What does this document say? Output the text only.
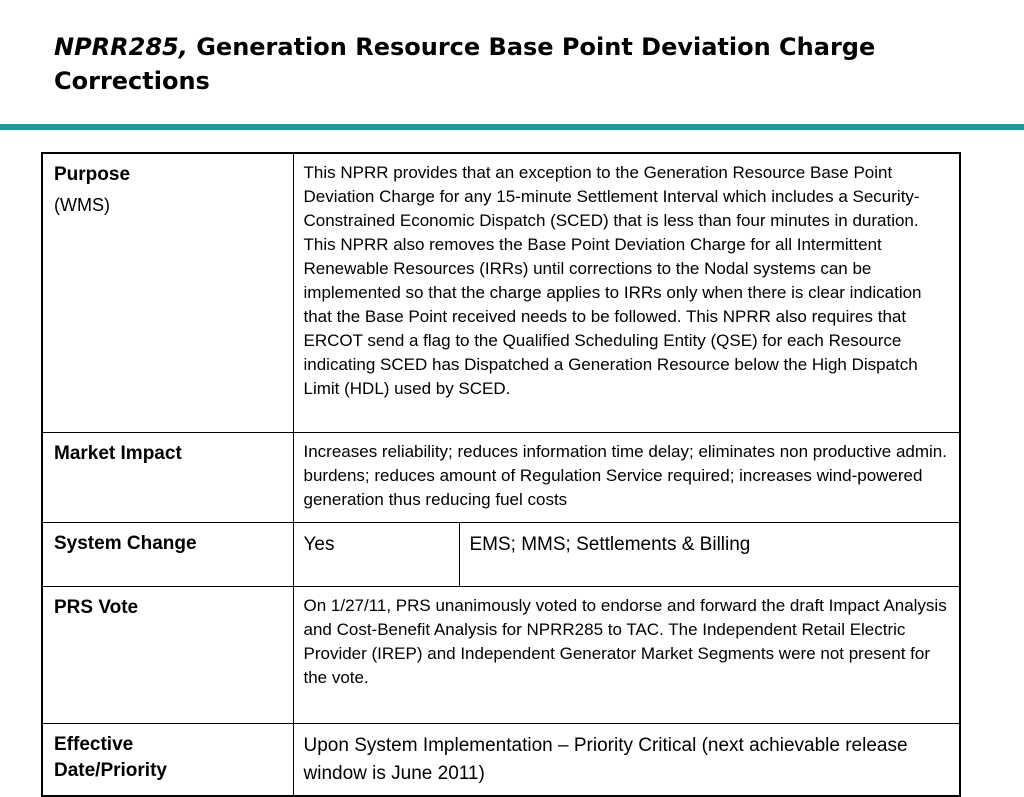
NPRR285, Generation Resource Base Point Deviation Charge Corrections
Purpose
(WMS)	This NPRR provides that an exception to the Generation Resource Base Point Deviation Charge for any 15-minute Settlement Interval which includes a Security-Constrained Economic Dispatch (SCED) that is less than four minutes in duration. This NPRR also removes the Base Point Deviation Charge for all Intermittent Renewable Resources (IRRs) until corrections to the Nodal systems can be implemented so that the charge applies to IRRs only when there is clear indication that the Base Point received needs to be followed. This NPRR also requires that ERCOT send a flag to the Qualified Scheduling Entity (QSE) for each Resource indicating SCED has Dispatched a Generation Resource below the High Dispatch Limit (HDL) used by SCED.	
Market Impact	Increases reliability; reduces information time delay; eliminates non productive admin. burdens; reduces amount of Regulation Service required; increases wind-powered generation thus reducing fuel costs	
System Change	Yes	EMS; MMS; Settlements & Billing
PRS Vote	On 1/27/11, PRS unanimously voted to endorse and forward the draft Impact Analysis and Cost-Benefit Analysis for NPRR285 to TAC. The Independent Retail Electric Provider (IREP) and Independent Generator Market Segments were not present for the vote.	
Effective
Date/Priority	Upon System Implementation – Priority Critical (next achievable release window is June 2011)	
